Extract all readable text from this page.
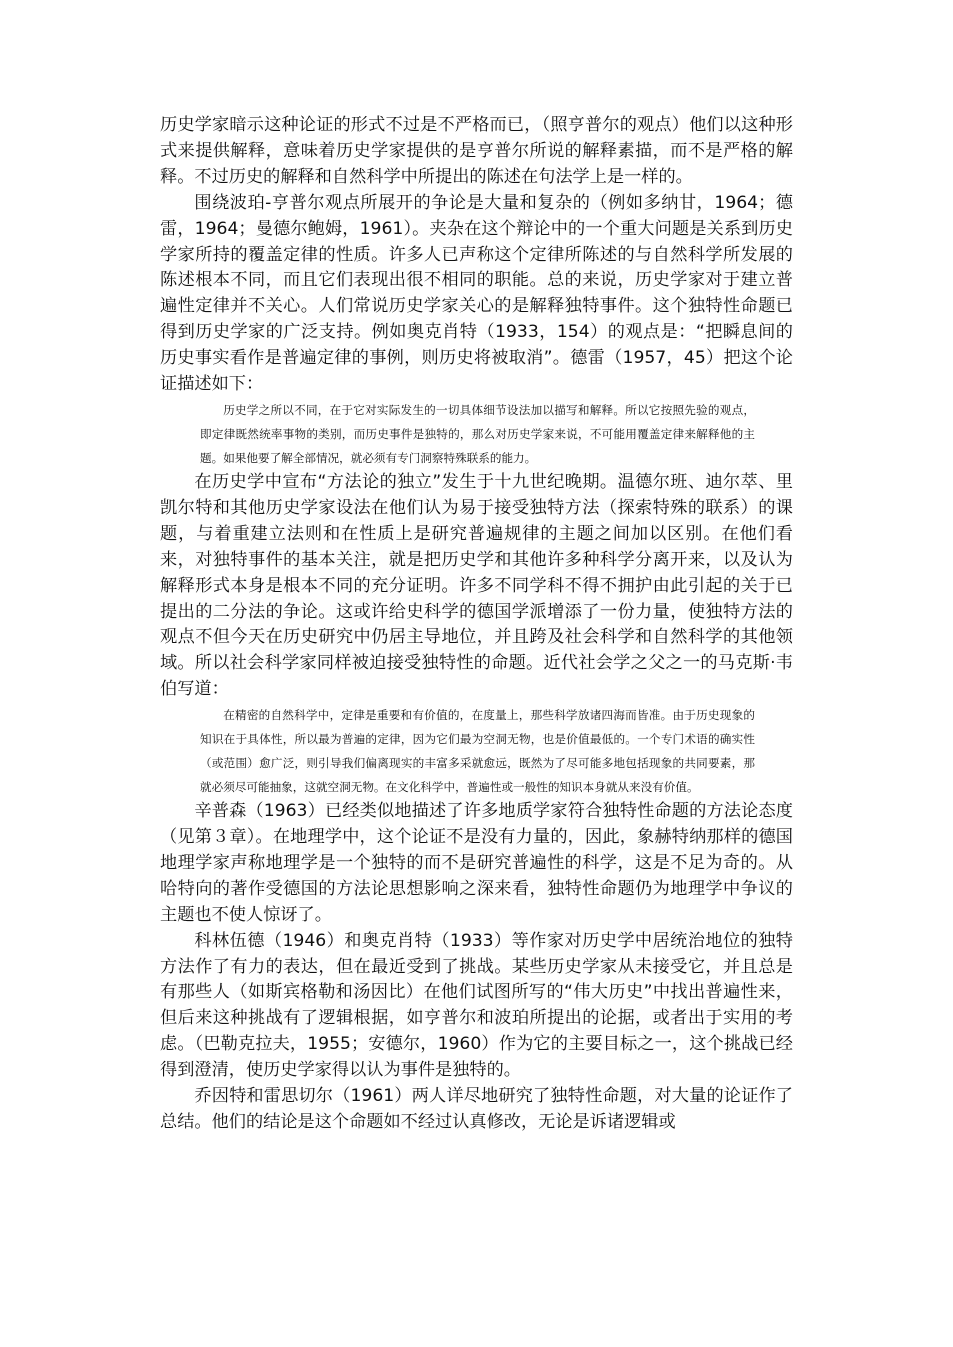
历史学家暗示这种论证的形式不过是不严格而已，（照亨普尔的观点）他们以这种形式来提供解释，意味着历史学家提供的是亨普尔所说的解释素描，而不是严格的解释。不过历史的解释和自然科学中所提出的陈述在句法学上是一样的。

围绕波珀-亨普尔观点所展开的争论是大量和复杂的（例如多纳甘，1964；德雷，1964；曼德尔鲍姆，1961）。夹杂在这个辩论中的一个重大问题是关系到历史学家所持的覆盖定律的性质。许多人已声称这个定律所陈述的与自然科学所发展的陈述根本不同，而且它们表现出很不相同的职能。总的来说，历史学家对于建立普遍性定律并不关心。人们常说历史学家关心的是解释独特事件。这个独特性命题已得到历史学家的广泛支持。例如奥克肖特（1933，154）的观点是：“把瞬息间的历史事实看作是普遍定律的事例，则历史将被取消”。德雷（1957，45）把这个论证描述如下：

历史学之所以不同，在于它对实际发生的一切具体细节设法加以描写和解释。所以它按照先验的观点，即定律既然统率事物的类别，而历史事件是独特的，那么对历史学家来说，不可能用覆盖定律来解释他的主题。如果他要了解全部情况，就必须有专门洞察特殊联系的能力。

在历史学中宣布“方法论的独立”发生于十九世纪晚期。温德尔班、迪尔萃、里凯尔特和其他历史学家设法在他们认为易于接受独特方法（探索特殊的联系）的课题，与着重建立法则和在性质上是研究普遍规律的主题之间加以区别。在他们看来，对独特事件的基本关注，就是把历史学和其他许多种科学分离开来，以及认为解释形式本身是根本不同的充分证明。许多不同学科不得不拥护由此引起的关于已提出的二分法的争论。这或许给史科学的德国学派增添了一份力量，使独特方法的观点不但今天在历史研究中仍居主导地位，并且跨及社会科学和自然科学的其他领域。所以社会科学家同样被迫接受独特性的命题。近代社会学之父之一的马克斯·韦伯写道：

在精密的自然科学中，定律是重要和有价值的，在度量上，那些科学放诸四海而皆准。由于历史现象的知识在于具体性，所以最为普遍的定律，因为它们最为空洞无物，也是价值最低的。一个专门术语的确实性（或范围）愈广泛，则引导我们偏离现实的丰富多采就愈远，既然为了尽可能多地包括现象的共同要素，那就必须尽可能抽象，这就空洞无物。在文化科学中，普遍性或一般性的知识本身就从来没有价值。

辛普森（1963）已经类似地描述了许多地质学家符合独特性命题的方法论态度（见第３章）。在地理学中，这个论证不是没有力量的，因此，象赫特纳那样的德国地理学家声称地理学是一个独特的而不是研究普遍性的科学，这是不足为奇的。从哈特向的著作受德国的方法论思想影响之深来看，独特性命题仍为地理学中争议的主题也不使人惊讶了。

科林伍德（1946）和奥克肖特（1933）等作家对历史学中居统治地位的独特方法作了有力的表达，但在最近受到了挑战。某些历史学家从未接受它，并且总是有那些人（如斯宾格勒和汤因比）在他们试图所写的“伟大历史”中找出普遍性来，但后来这种挑战有了逻辑根据，如亨普尔和波珀所提出的论据，或者出于实用的考虑。（巴勒克拉夫，1955；安德尔，1960）作为它的主要目标之一，这个挑战已经得到澄清，使历史学家得以认为事件是独特的。

乔因特和雷思切尔（1961）两人详尽地研究了独特性命题，对大量的论证作了总结。他们的结论是这个命题如不经过认真修改，无论是诉诸逻辑或
